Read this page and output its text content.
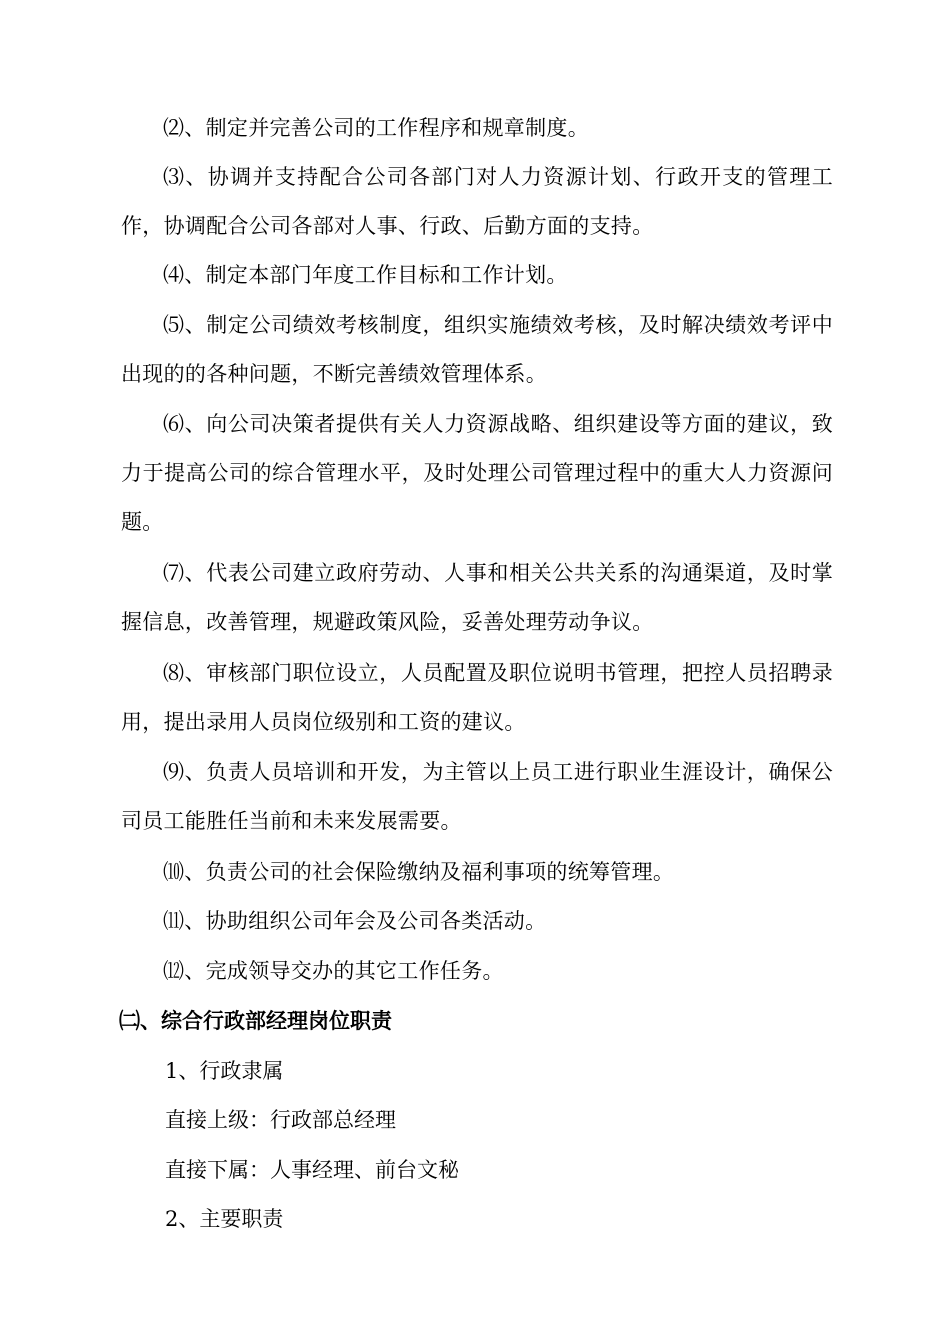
⑵、制定并完善公司的工作程序和规章制度。

⑶、协调并支持配合公司各部门对人力资源计划、行政开支的管理工作，协调配合公司各部对人事、行政、后勤方面的支持。

⑷、制定本部门年度工作目标和工作计划。

⑸、制定公司绩效考核制度，组织实施绩效考核，及时解决绩效考评中出现的的各种问题，不断完善绩效管理体系。

⑹、向公司决策者提供有关人力资源战略、组织建设等方面的建议，致力于提高公司的综合管理水平，及时处理公司管理过程中的重大人力资源问题。

⑺、代表公司建立政府劳动、人事和相关公共关系的沟通渠道，及时掌握信息，改善管理，规避政策风险，妥善处理劳动争议。

⑻、审核部门职位设立，人员配置及职位说明书管理，把控人员招聘录用，提出录用人员岗位级别和工资的建议。

⑼、负责人员培训和开发，为主管以上员工进行职业生涯设计，确保公司员工能胜任当前和未来发展需要。

⑽、负责公司的社会保险缴纳及福利事项的统筹管理。

⑾、协助组织公司年会及公司各类活动。

⑿、完成领导交办的其它工作任务。

㈡、综合行政部经理岗位职责

1、行政隶属

直接上级：行政部总经理

直接下属：人事经理、前台文秘

2、主要职责
